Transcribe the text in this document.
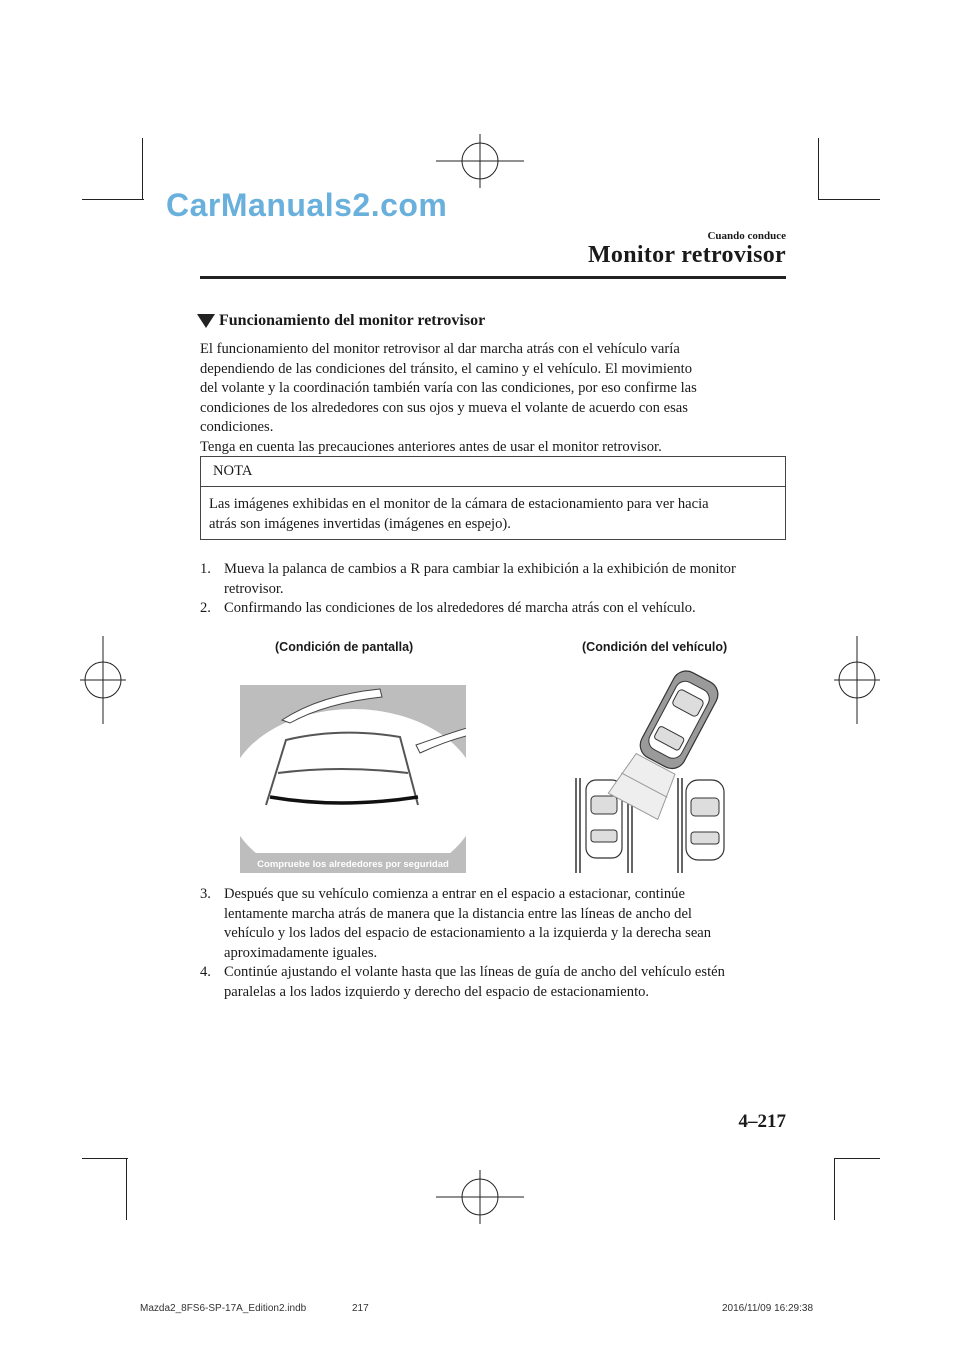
CarManuals2.com
Cuando conduce
Monitor retrovisor
Funcionamiento del monitor retrovisor

El funcionamiento del monitor retrovisor al dar marcha atrás con el vehículo varía

dependiendo de las condiciones del tránsito, el camino y el vehículo. El movimiento

del volante y la coordinación también varía con las condiciones, por eso confirme las

condiciones de los alrededores con sus ojos y mueva el volante de acuerdo con esas

condiciones.

Tenga en cuenta las precauciones anteriores antes de usar el monitor retrovisor.

NOTA
Las imágenes exhibidas en el monitor de la cámara de estacionamiento para ver hacia
atrás son imágenes invertidas (imágenes en espejo).
1. Mueva la palanca de cambios a R para cambiar la exhibición a la exhibición de monitor
retrovisor.
2. Confirmando las condiciones de los alrededores dé marcha atrás con el vehículo.
(Condición de pantalla)	(Condición del vehículo)
Compruebe los alrededores por seguridad
3. Después que su vehículo comienza a entrar en el espacio a estacionar, continúe
lentamente marcha atrás de manera que la distancia entre las líneas de ancho del
vehículo y los lados del espacio de estacionamiento a la izquierda y la derecha sean
aproximadamente iguales.
4. Continúe ajustando el volante hasta que las líneas de guía de ancho del vehículo estén
paralelas a los lados izquierdo y derecho del espacio de estacionamiento.
4–217
Mazda2_8FS6-SP-17A_Edition2.indb	217	2016/11/09 16:29:38
